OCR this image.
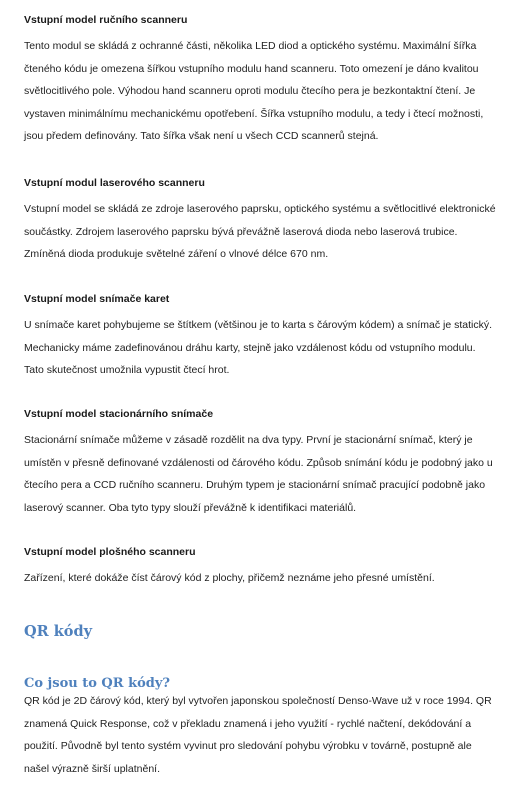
Vstupní model ručního scanneru
Tento modul se skládá z ochranné části, několika LED diod a optického systému. Maximální šířka
čteného kódu je omezena šířkou vstupního modulu hand scanneru. Toto omezení je dáno kvalitou
světlocitlivého pole. Výhodou hand scanneru oproti modulu čtecího pera je bezkontaktní čtení. Je
vystaven minimálnímu mechanickému opotřebení. Šířka vstupního modulu, a tedy i čtecí možnosti,
jsou předem definovány. Tato šířka však není u všech CCD scannerů stejná.
Vstupní modul laserového scanneru
Vstupní model se skládá ze zdroje laserového paprsku, optického systému a světlocitlivé elektronické
součástky. Zdrojem laserového paprsku bývá převážně laserová dioda nebo laserová trubice.
Zmíněná dioda produkuje světelné záření o vlnové délce 670 nm.
Vstupní model snímače karet
U snímače karet pohybujeme se štítkem (většinou je to karta s čárovým kódem) a snímač je statický.
Mechanicky máme zadefinovánou dráhu karty, stejně jako vzdálenost kódu od vstupního modulu.
Tato skutečnost umožnila vypustit čtecí hrot.
Vstupní model stacionárního snímače
Stacionární snímače můžeme v zásadě rozdělit na dva typy. První je stacionární snímač, který je
umístěn v přesně definované vzdálenosti od čárového kódu. Způsob snímání kódu je podobný jako u
čtecího pera a CCD ručního scanneru. Druhým typem je stacionární snímač pracující podobně jako
laserový scanner. Oba tyto typy slouží převážně k identifikaci materiálů.
Vstupní model plošného scanneru
Zařízení, které dokáže číst čárový kód z plochy, přičemž neznáme jeho přesné umístění.
QR kódy
Co jsou to QR kódy?
QR kód je 2D čárový kód, který byl vytvořen japonskou společností Denso-Wave už v roce 1994. QR
znamená Quick Response, což v překladu znamená i jeho využití - rychlé načtení, dekódování a
použití. Původně byl tento systém vyvinut pro sledování pohybu výrobku v továrně, postupně ale
našel výrazně širší uplatnění.
